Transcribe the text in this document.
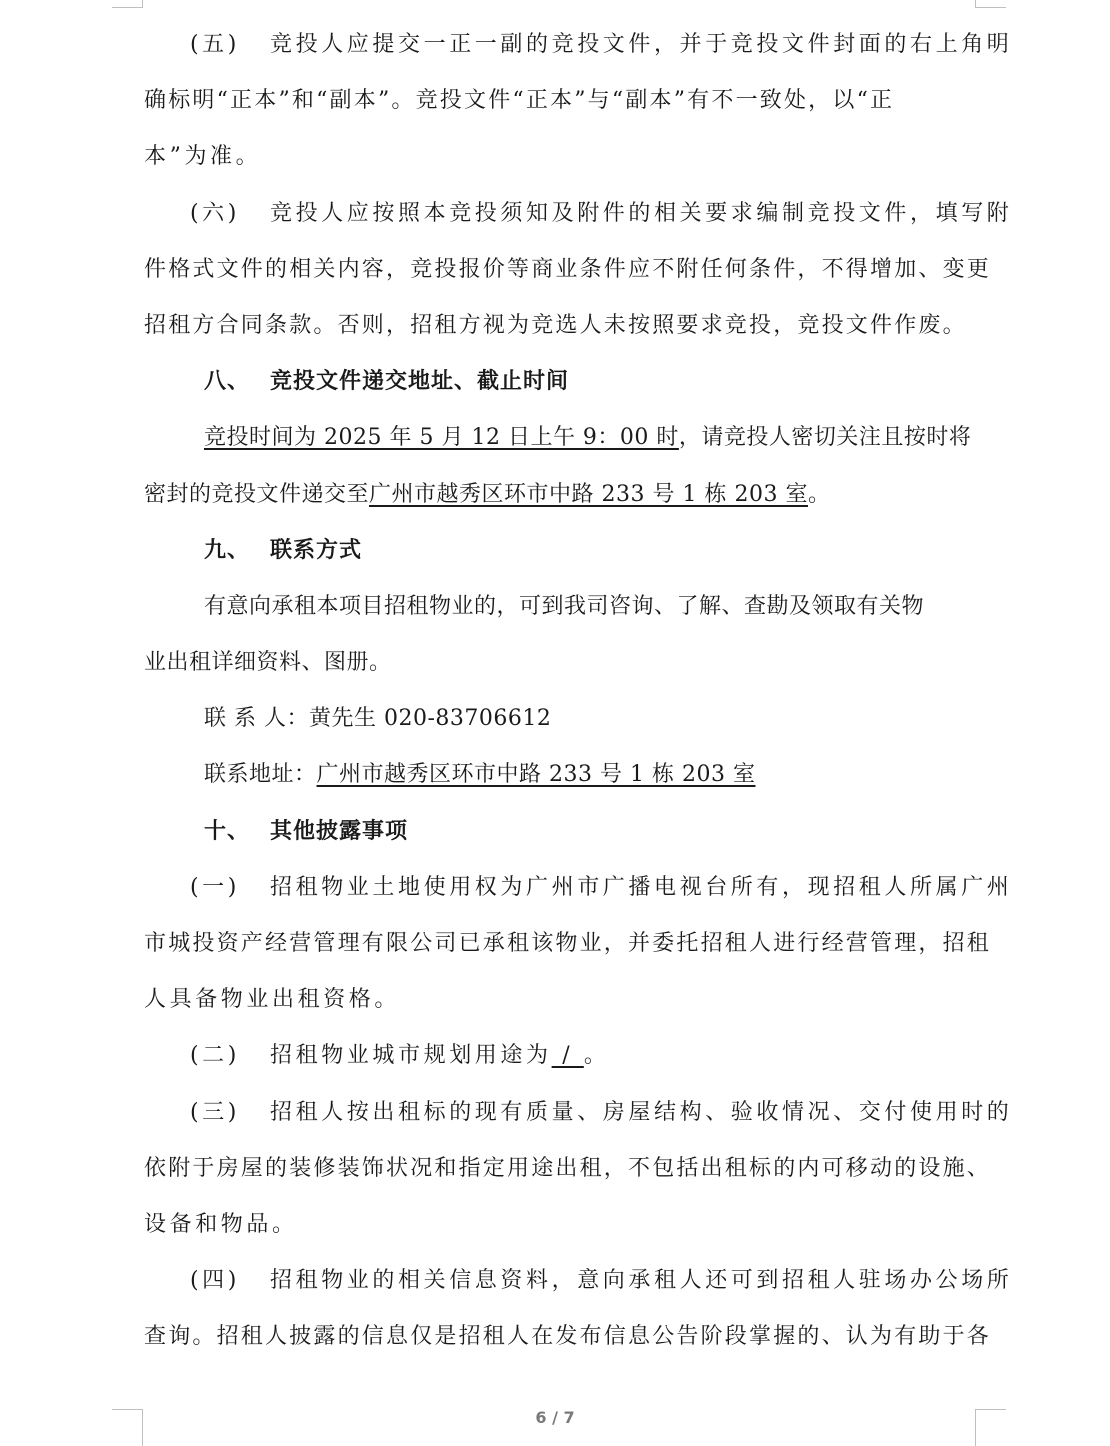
(五) 竞投人应提交一正一副的竞投文件，并于竞投文件封面的右上角明
确标明“正本”和“副本”。竞投文件“正本”与“副本”有不一致处，以“正
本”为准。
(六) 竞投人应按照本竞投须知及附件的相关要求编制竞投文件，填写附
件格式文件的相关内容，竞投报价等商业条件应不附任何条件，不得增加、变更
招租方合同条款。否则，招租方视为竞选人未按照要求竞投，竞投文件作废。
八、 竞投文件递交地址、截止时间
竞投时间为 2025 年 5 月 12 日上午 9：00 时，请竞投人密切关注且按时将
密封的竞投文件递交至广州市越秀区环市中路 233 号 1 栋 203 室。
九、 联系方式
有意向承租本项目招租物业的，可到我司咨询、了解、查勘及领取有关物
业出租详细资料、图册。
联 系 人：黄先生 020-83706612
联系地址：广州市越秀区环市中路 233 号 1 栋 203 室
十、 其他披露事项
(一) 招租物业土地使用权为广州市广播电视台所有，现招租人所属广州
市城投资产经营管理有限公司已承租该物业，并委托招租人进行经营管理，招租
人具备物业出租资格。
(二) 招租物业城市规划用途为 / 。
(三) 招租人按出租标的现有质量、房屋结构、验收情况、交付使用时的
依附于房屋的装修装饰状况和指定用途出租，不包括出租标的内可移动的设施、
设备和物品。
(四) 招租物业的相关信息资料，意向承租人还可到招租人驻场办公场所
查询。招租人披露的信息仅是招租人在发布信息公告阶段掌握的、认为有助于各
6 / 7
